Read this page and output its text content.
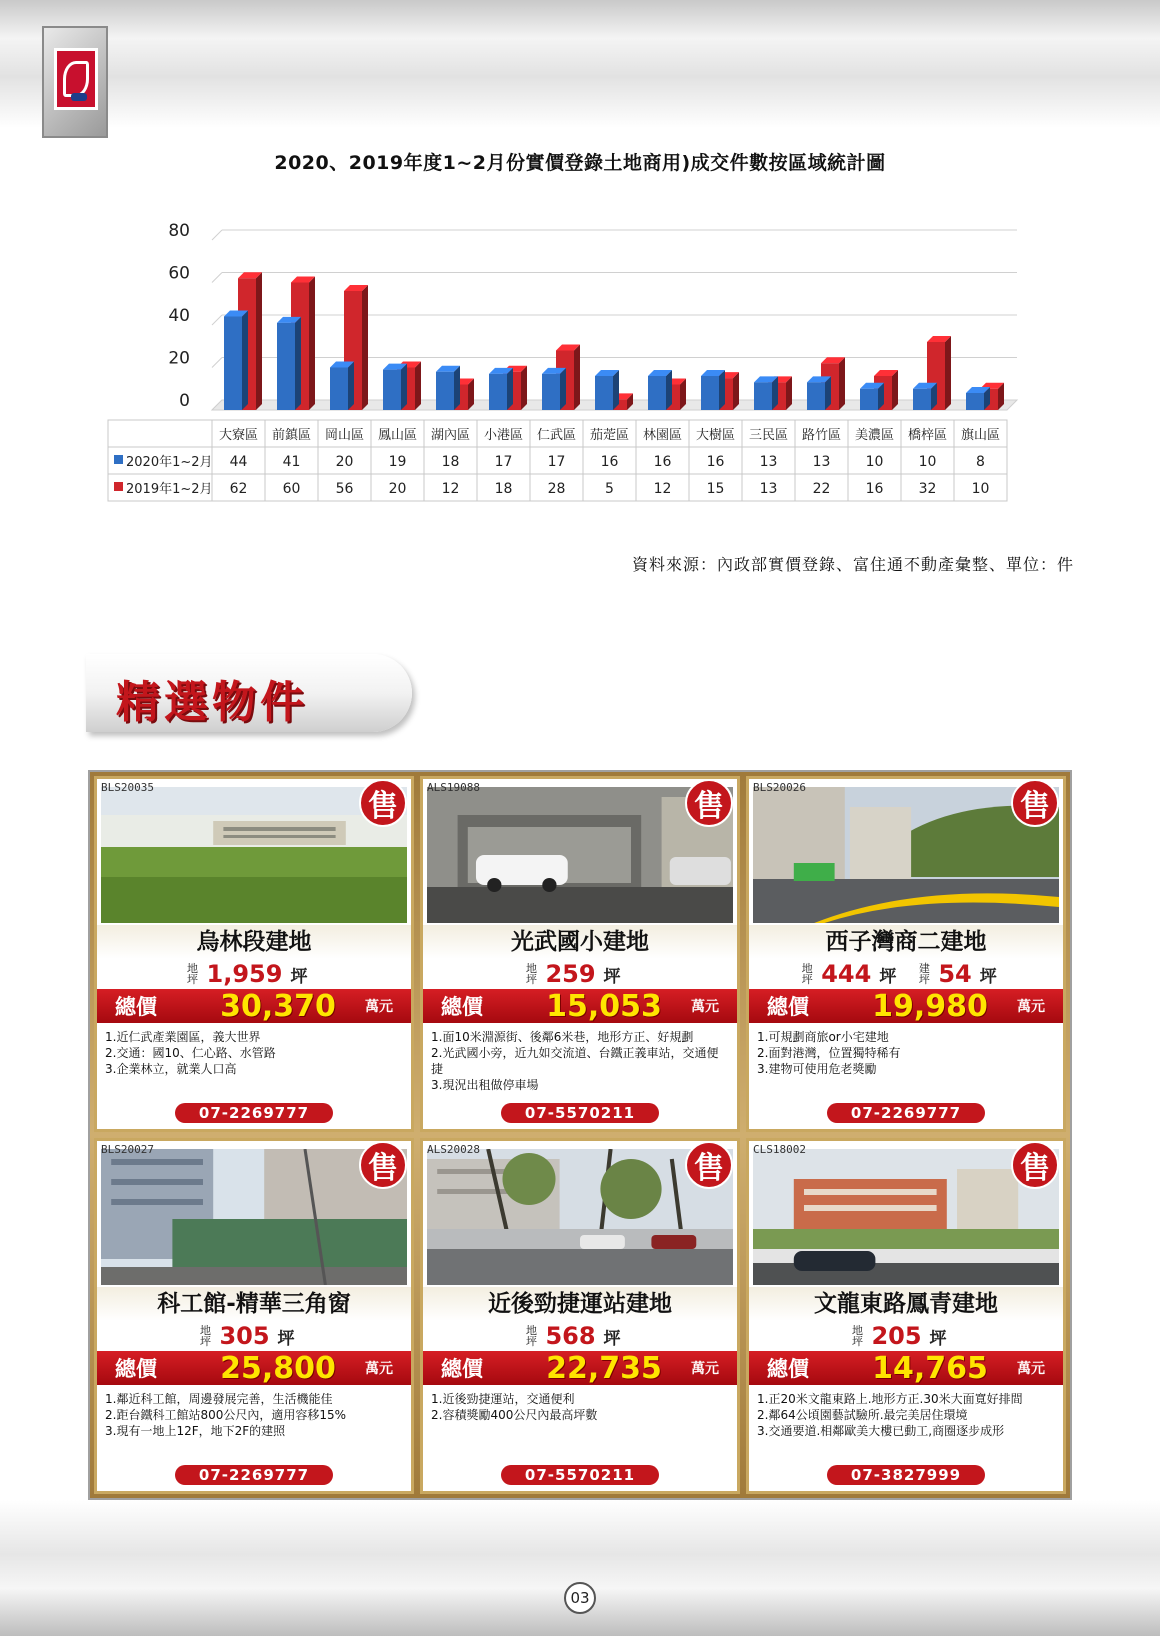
2020、2019年度1~2月份實價登錄土地商用)成交件數按區域統計圖
0
20
40
60
80
大寮區 前鎮區 岡山區 鳳山區 湖內區 小港區 仁武區 茄萣區 林園區 大樹區 三民區 路竹區 美濃區 橋梓區 旗山區
2020年1~2月 44	41	20	19	18	17	17	16	16	16	13	13	10	10	8
2019年1~2月 62	60	56	20	12	18	28	5	12	15	13	22	16	32	10
資料來源：內政部實價登錄、富住通不動產彙整、單位：件
精選物件
BLS20035
售
烏林段建地
地
坪 1,959 坪
總價	30,370	萬元
1.近仁武產業園區，義大世界
2.交通：國10、仁心路、水管路
3.企業林立，就業人口高
07-2269777
ALS19088
售
光武國小建地
地
坪 259 坪
總價	15,053	萬元
1.面10米淵源街、後鄰6米巷，地形方正、好規劃
2.光武國小旁，近九如交流道、台鐵正義車站，交通便捷
3.現況出租做停車場
07-5570211
BLS20026
售
西子灣商二建地
地
坪 444 坪 建
坪 54 坪
總價	19,980	萬元
1.可規劃商旅or小宅建地
2.面對港灣，位置獨特稀有
3.建物可使用危老獎勵
07-2269777
BLS20027
售
科工館-精華三角窗
地
坪 305 坪
總價	25,800	萬元
1.鄰近科工館，周邊發展完善，生活機能佳
2.距台鐵科工館站800公尺內，適用容移15%
3.現有一地上12F，地下2F的建照
07-2269777
ALS20028
售
近後勁捷運站建地
地
坪 568 坪
總價	22,735	萬元
1.近後勁捷運站，交通便利
2.容積獎勵400公尺內最高坪數
07-5570211
CLS18002
售
文龍東路鳳青建地
地
坪 205 坪
總價	14,765	萬元
1.正20米文龍東路上.地形方正.30米大面寬好排間
2.鄰64公頃園藝試驗所.最完美居住環境
3.交通要道.相鄰歐美大樓已動工,商圈逐步成形
07-3827999
03
